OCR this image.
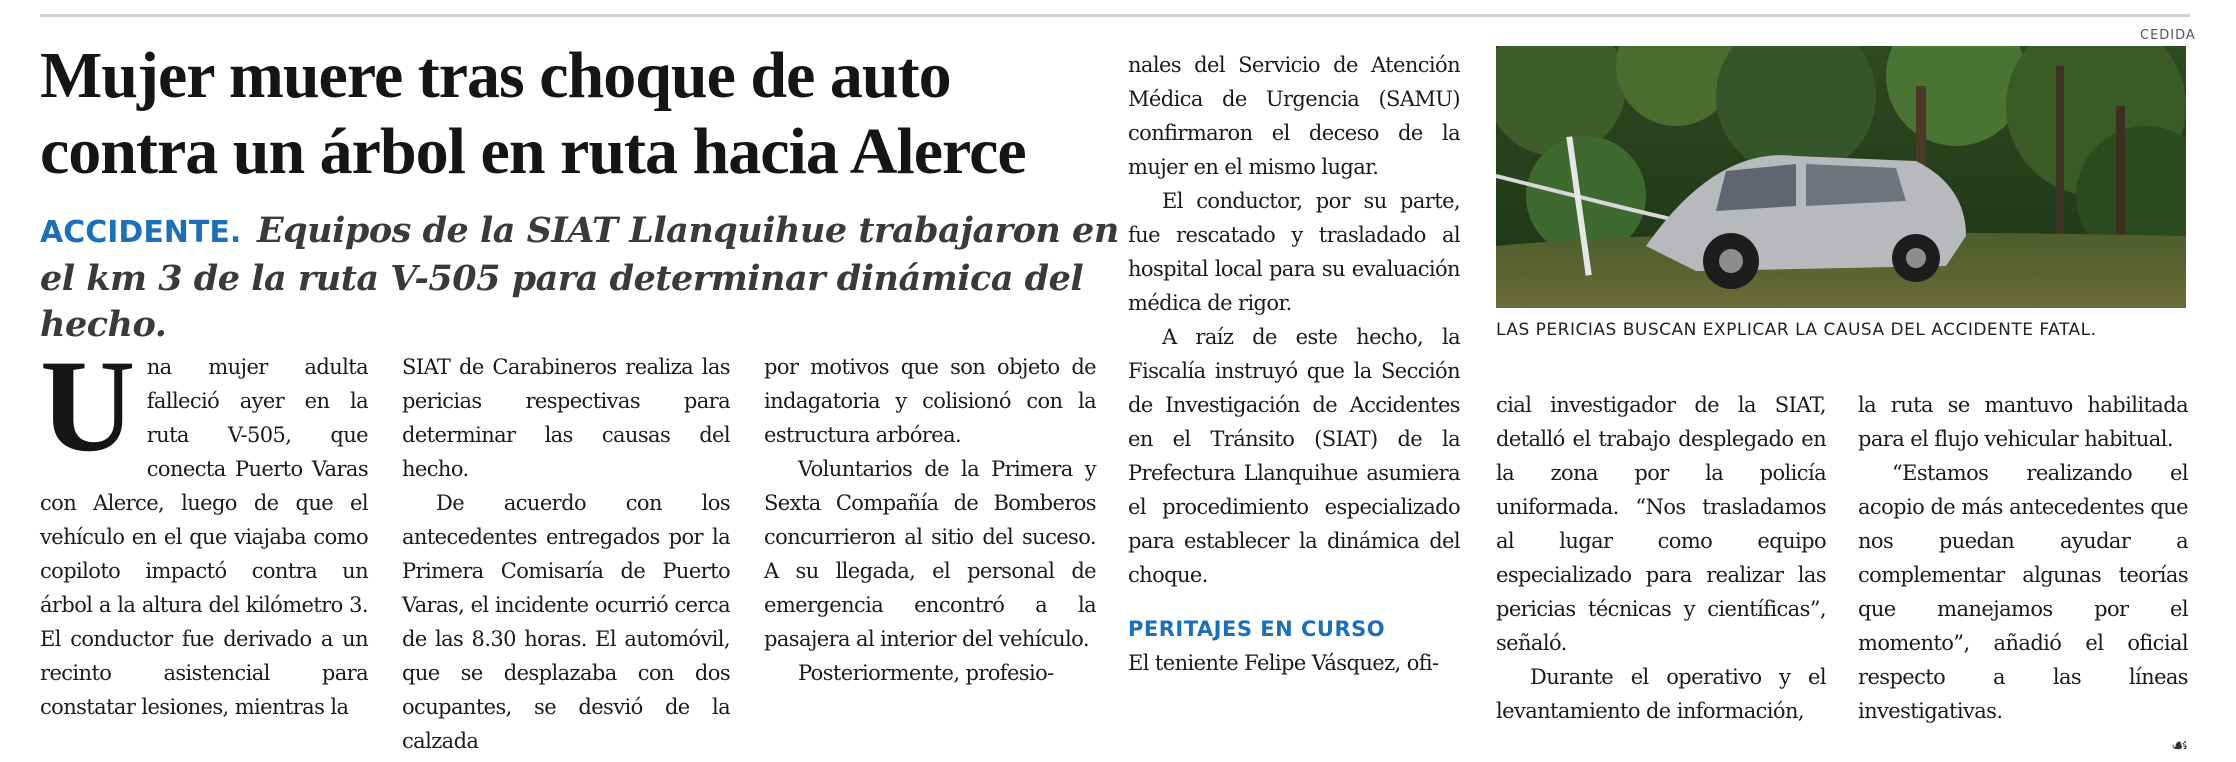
Mujer muere tras choque de auto contra un árbol en ruta hacia Alerce
ACCIDENTE. Equipos de la SIAT Llanquihue trabajaron en el km 3 de la ruta V-505 para determinar dinámica del hecho.
U na mujer adulta falleció ayer en la ruta V-505, que conecta Puerto Varas con Alerce, luego de que el vehículo en el que viajaba como copiloto impactó contra un árbol a la altura del kilómetro 3. El conductor fue derivado a un recinto asistencial para constatar lesiones, mientras la

SIAT de Carabineros realiza las pericias respectivas para determinar las causas del hecho.

De acuerdo con los antecedentes entregados por la Primera Comisaría de Puerto Varas, el incidente ocurrió cerca de las 8.30 horas. El automóvil, que se desplazaba con dos ocupantes, se desvió de la calzada

por motivos que son objeto de indagatoria y colisionó con la estructura arbórea.

Voluntarios de la Primera y Sexta Compañía de Bomberos concurrieron al sitio del suceso. A su llegada, el personal de emergencia encontró a la pasajera al interior del vehículo.

Posteriormente, profesio-

nales del Servicio de Atención Médica de Urgencia (SAMU) confirmaron el deceso de la mujer en el mismo lugar.

El conductor, por su parte, fue rescatado y trasladado al hospital local para su evaluación médica de rigor.

A raíz de este hecho, la Fiscalía instruyó que la Sección de Investigación de Accidentes en el Tránsito (SIAT) de la Prefectura Llanquihue asumiera el procedimiento especializado para establecer la dinámica del choque.

PERITAJES EN CURSO

El teniente Felipe Vásquez, ofi-

CEDIDA
LAS PERICIAS BUSCAN EXPLICAR LA CAUSA DEL ACCIDENTE FATAL.

cial investigador de la SIAT, detalló el trabajo desplegado en la zona por la policía uniformada. “Nos trasladamos al lugar como equipo especializado para realizar las pericias técnicas y científicas”, señaló.

Durante el operativo y el levantamiento de información,

la ruta se mantuvo habilitada para el flujo vehicular habitual.

“Estamos realizando el acopio de más antecedentes que nos puedan ayudar a complementar algunas teorías que manejamos por el momento”, añadió el oficial respecto a las líneas investigativas.

☙
